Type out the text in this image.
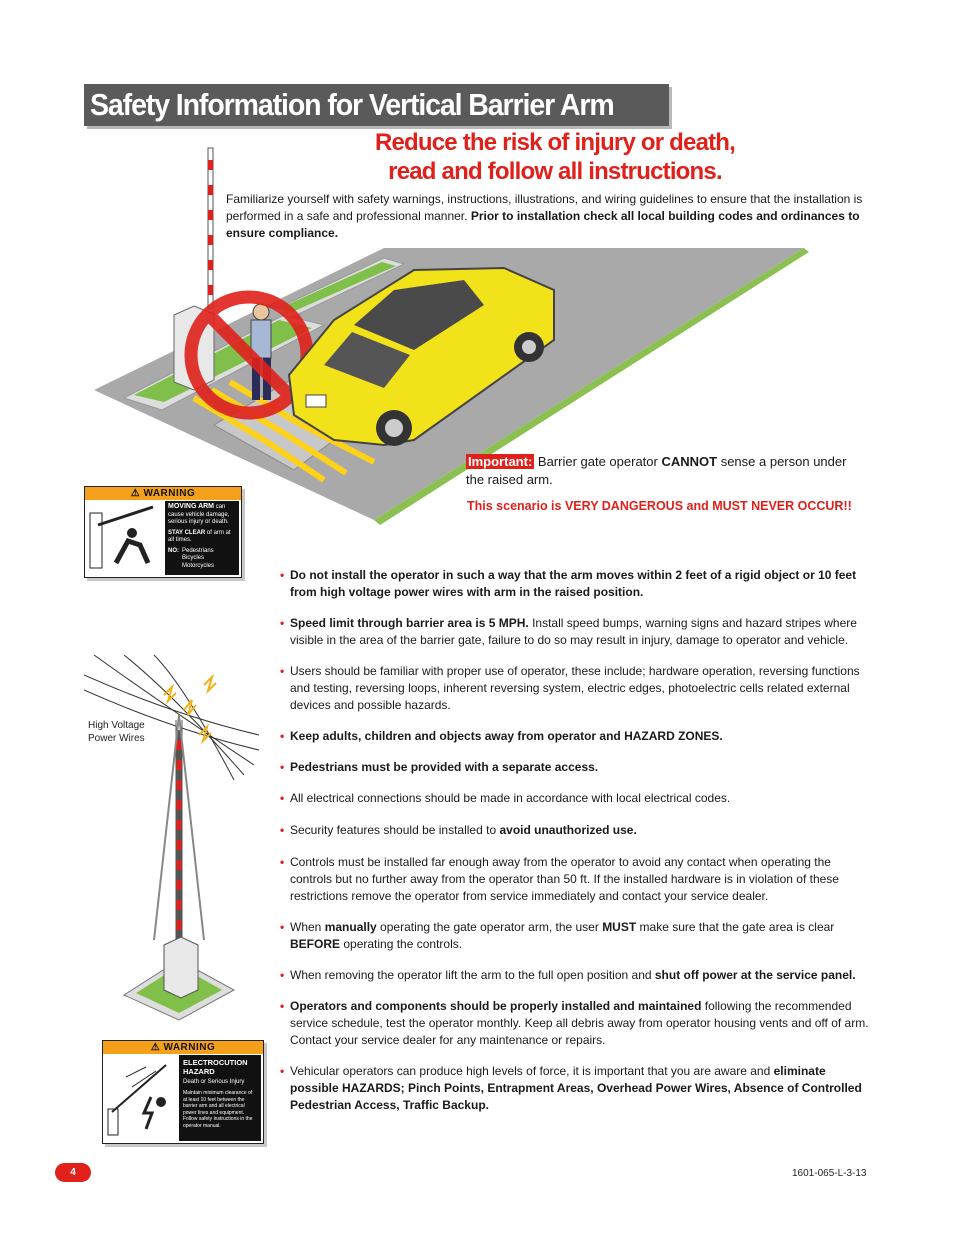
Safety Information for Vertical Barrier Arm
Reduce the risk of injury or death,
read and follow all instructions.
Familiarize yourself with safety warnings, instructions, illustrations, and wiring guidelines to ensure that the installation is performed in a safe and professional manner. Prior to installation check all local building codes and ordinances to ensure compliance.
Important: Barrier gate operator CANNOT sense a person under the raised arm.
This scenario is VERY DANGEROUS and MUST NEVER OCCUR!!
⚠ WARNING
MOVING ARM can cause vehicle damage, serious injury or death.
STAY CLEAR of arm at all times.
NO: Pedestrians
Bicycles
Motorcycles
High Voltage
Power Wires
⚠ WARNING
ELECTROCUTION
HAZARD
Death or Serious Injury
Maintain minimum clearance of at least 10 feet between the barrier arm and all electrical power lines and equipment. Follow safety instructions in the operator manual.
• Do not install the operator in such a way that the arm moves within 2 feet of a rigid object or 10 feet from high voltage power wires with arm in the raised position.
• Speed limit through barrier area is 5 MPH. Install speed bumps, warning signs and hazard stripes where visible in the area of the barrier gate, failure to do so may result in injury, damage to operator and vehicle.
• Users should be familiar with proper use of operator, these include; hardware operation, reversing functions and testing, reversing loops, inherent reversing system, electric edges, photoelectric cells related external devices and possible hazards.
• Keep adults, children and objects away from operator and HAZARD ZONES.
• Pedestrians must be provided with a separate access.
• All electrical connections should be made in accordance with local electrical codes.
• Security features should be installed to avoid unauthorized use.
• Controls must be installed far enough away from the operator to avoid any contact when operating the controls but no further away from the operator than 50 ft. If the installed hardware is in violation of these restrictions remove the operator from service immediately and contact your service dealer.
• When manually operating the gate operator arm, the user MUST make sure that the gate area is clear BEFORE operating the controls.
• When removing the operator lift the arm to the full open position and shut off power at the service panel.
• Operators and components should be properly installed and maintained following the recommended service schedule, test the operator monthly. Keep all debris away from operator housing vents and off of arm. Contact your service dealer for any maintenance or repairs.
• Vehicular operators can produce high levels of force, it is important that you are aware and eliminate possible HAZARDS; Pinch Points, Entrapment Areas, Overhead Power Wires, Absence of Controlled Pedestrian Access, Traffic Backup.
4	1601-065-L-3-13
